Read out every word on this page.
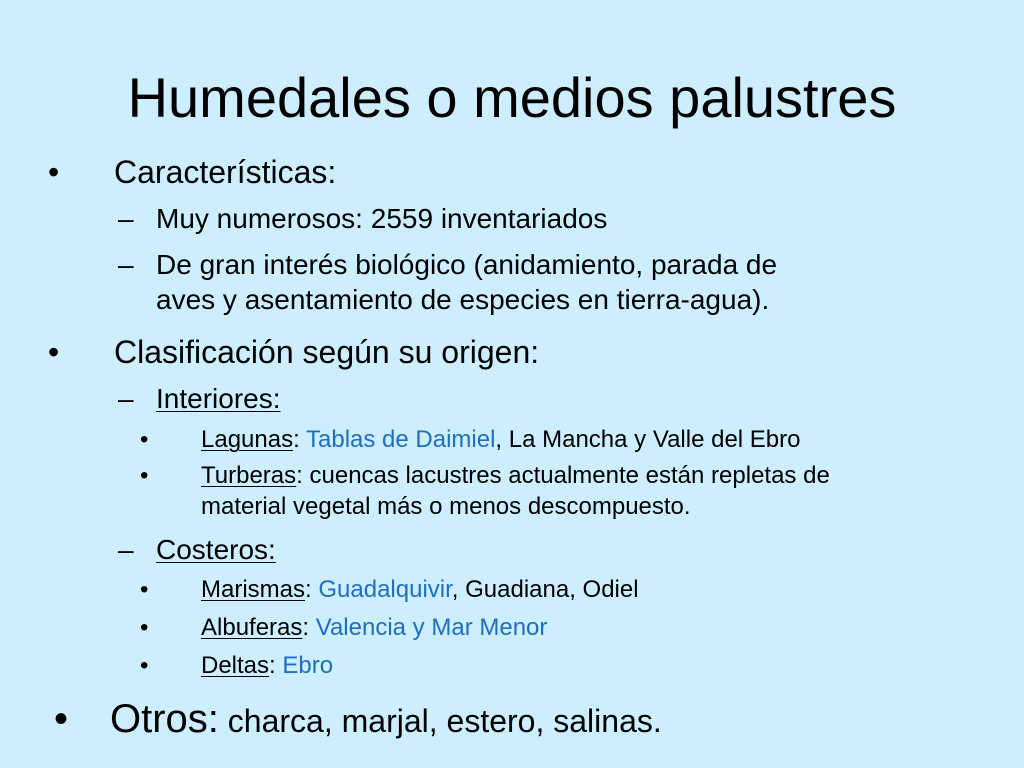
Humedales o medios palustres
• Características:
– Muy numerosos: 2559 inventariados
– De gran interés biológico (anidamiento, parada de
aves y asentamiento de especies en tierra-agua).
• Clasificación según su origen:
– Interiores:
• Lagunas: Tablas de Daimiel, La Mancha y Valle del Ebro
• Turberas: cuencas lacustres actualmente están repletas de
material vegetal más o menos descompuesto.
– Costeros:
• Marismas: Guadalquivir, Guadiana, Odiel
• Albuferas: Valencia y Mar Menor
• Deltas: Ebro
• Otros: charca, marjal, estero, salinas.
